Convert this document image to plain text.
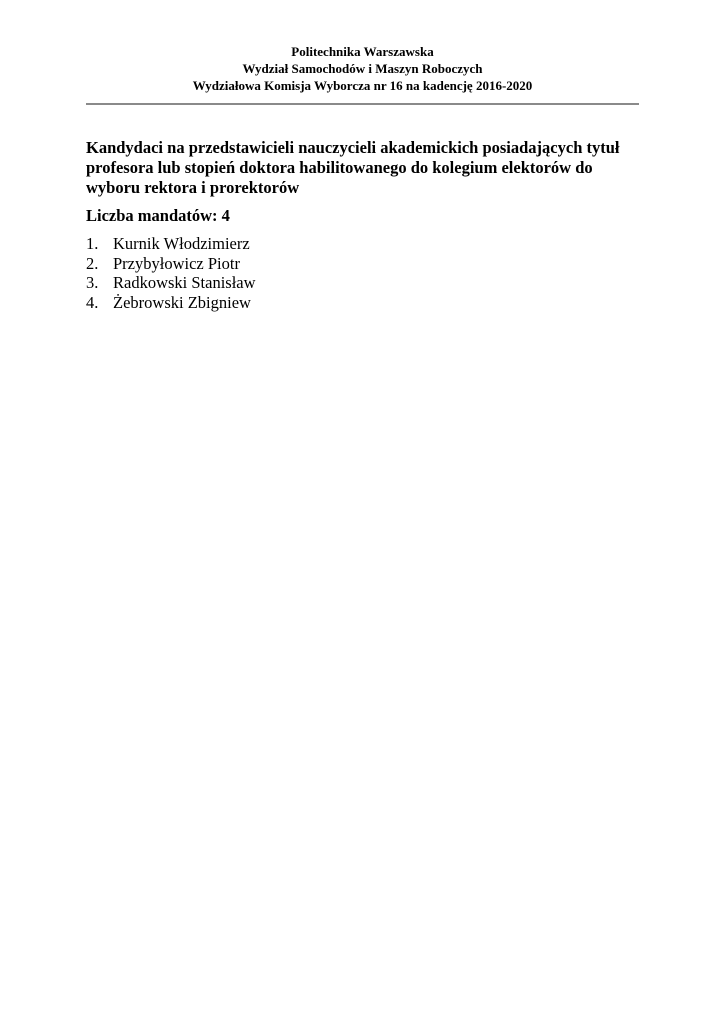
Politechnika Warszawska
Wydział Samochodów i Maszyn Roboczych
Wydziałowa Komisja Wyborcza nr 16 na kadencję 2016-2020
Kandydaci na przedstawicieli nauczycieli akademickich posiadających tytuł
profesora lub stopień doktora habilitowanego do kolegium elektorów do
wyboru rektora i prorektorów
Liczba mandatów: 4
1. Kurnik Włodzimierz
2. Przybyłowicz Piotr
3. Radkowski Stanisław
4. Żebrowski Zbigniew
